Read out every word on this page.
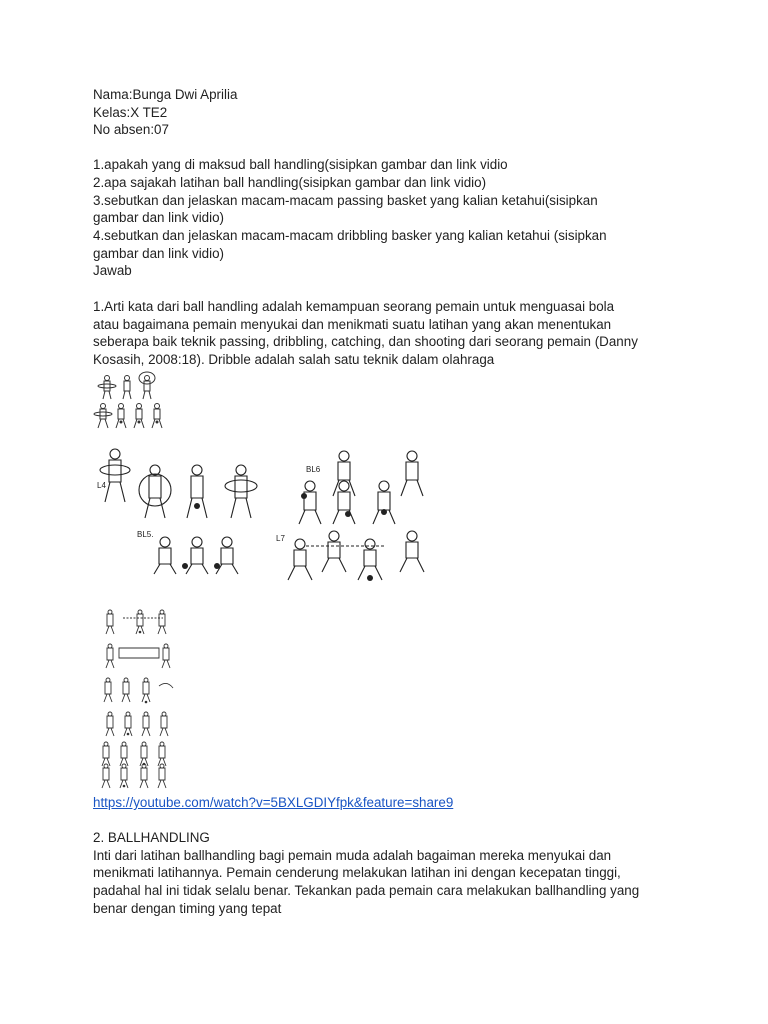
Nama:Bunga Dwi Aprilia
Kelas:X TE2
No absen:07
1.apakah yang di maksud ball handling(sisipkan gambar dan link vidio
2.apa sajakah latihan ball handling(sisipkan gambar dan link vidio)
3.sebutkan dan jelaskan macam-macam passing basket yang kalian ketahui(sisipkan
gambar dan link vidio)
4.sebutkan dan jelaskan macam-macam dribbling basker yang kalian ketahui (sisipkan
gambar dan link vidio)
Jawab
1.Arti kata dari ball handling adalah kemampuan seorang pemain untuk menguasai bola
atau bagaimana pemain menyukai dan menikmati suatu latihan yang akan menentukan
seberapa baik teknik passing, dribbling, catching, dan shooting dari seorang pemain (Danny
Kosasih, 2008:18). Dribble adalah salah satu teknik dalam olahraga
L4
BL5.
BL6
L7
https://youtube.com/watch?v=5BXLGDIYfpk&feature=share9
2. BALLHANDLING
Inti dari latihan ballhandling bagi pemain muda adalah bagaiman mereka menyukai dan
menikmati latihannya. Pemain cenderung melakukan latihan ini dengan kecepatan tinggi,
padahal hal ini tidak selalu benar. Tekankan pada pemain cara melakukan ballhandling yang
benar dengan timing yang tepat
